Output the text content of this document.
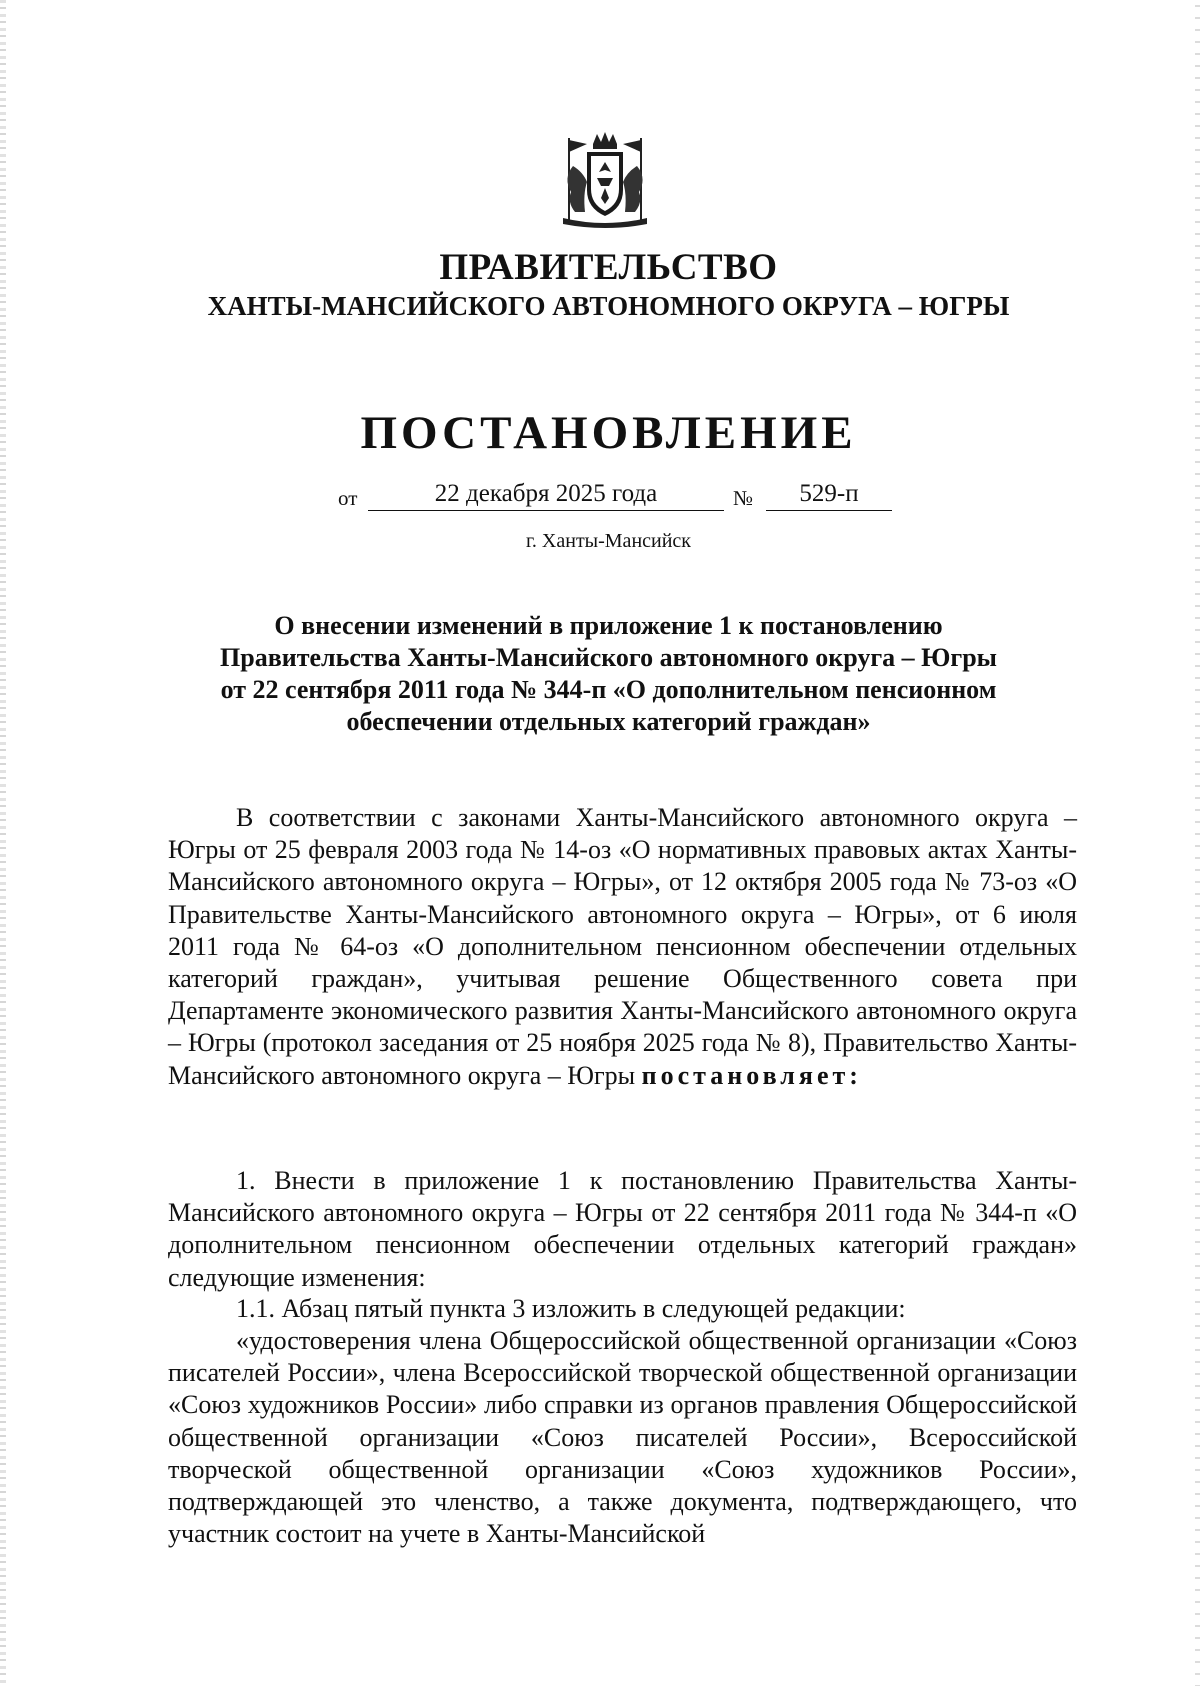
ПРАВИТЕЛЬСТВО
ХАНТЫ-МАНСИЙСКОГО АВТОНОМНОГО ОКРУГА – ЮГРЫ
ПОСТАНОВЛЕНИЕ
от	22 декабря 2025 года	№	529-п
г. Ханты-Мансийск
О внесении изменений в приложение 1 к постановлению
Правительства Ханты-Мансийского автономного округа – Югры
от 22 сентября 2011 года № 344-п «О дополнительном пенсионном
обеспечении отдельных категорий граждан»
В соответствии с законами Ханты-Мансийского автономного округа – Югры от 25 февраля 2003 года № 14-оз «О нормативных правовых актах Ханты-Мансийского автономного округа – Югры», от 12 октября 2005 года № 73-оз «О Правительстве Ханты-Мансийского автономного округа – Югры», от 6 июля 2011 года № 64-оз «О дополнительном пенсионном обеспечении отдельных категорий граждан», учитывая решение Общественного совета при Департаменте экономического развития Ханты-Мансийского автономного округа – Югры (протокол заседания от 25 ноября 2025 года № 8), Правительство Ханты-Мансийского автономного округа – Югры постановляет:
1. Внести в приложение 1 к постановлению Правительства Ханты-Мансийского автономного округа – Югры от 22 сентября 2011 года № 344-п «О дополнительном пенсионном обеспечении отдельных категорий граждан» следующие изменения:
1.1. Абзац пятый пункта 3 изложить в следующей редакции:
«удостоверения члена Общероссийской общественной организации «Союз писателей России», члена Всероссийской творческой общественной организации «Союз художников России» либо справки из органов правления Общероссийской общественной организации «Союз писателей России», Всероссийской творческой общественной организации «Союз художников России», подтверждающей это членство, а также документа, подтверждающего, что участник состоит на учете в Ханты-Мансийской
